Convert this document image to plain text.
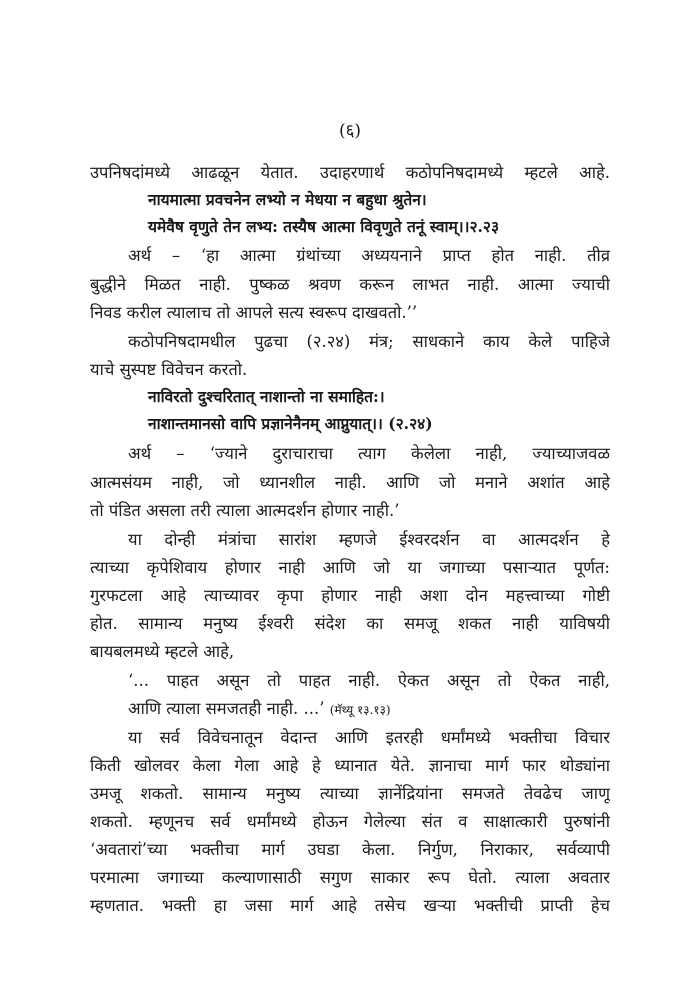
(६)
उपनिषदांमध्ये आढळून येतात. उदाहरणार्थ कठोपनिषदामध्ये म्हटले आहे.
नायमात्मा प्रवचनेन लभ्यो न मेधया न बहुधा श्रुतेन।
यमेवैष वृणुते तेन लभ्य: तस्यैष आत्मा विवृणुते तनूं स्वाम्।।२.२३
अर्थ – ‘हा आत्मा ग्रंथांच्या अध्ययनाने प्राप्त होत नाही. तीव्र
बुद्धीने मिळत नाही. पुष्कळ श्रवण करून लाभत नाही. आत्मा ज्याची
निवड करील त्यालाच तो आपले सत्य स्वरूप दाखवतो.’’
कठोपनिषदामधील पुढचा (२.२४) मंत्र; साधकाने काय केले पाहिजे
याचे सुस्पष्ट विवेचन करतो.
नाविरतो दुश्चरितात् नाशान्तो ना समाहित:।
नाशान्तमानसो वापि प्रज्ञानेनैनम् आप्नुयात्।। (२.२४)
अर्थ – ‘ज्याने दुराचाराचा त्याग केलेला नाही, ज्याच्याजवळ
आत्मसंयम नाही, जो ध्यानशील नाही. आणि जो मनाने अशांत आहे
तो पंडित असला तरी त्याला आत्मदर्शन होणार नाही.’
या दोन्ही मंत्रांचा सारांश म्हणजे ईश्वरदर्शन वा आत्मदर्शन हे
त्याच्या कृपेशिवाय होणार नाही आणि जो या जगाच्या पसाऱ्यात पूर्णत:
गुरफटला आहे त्याच्यावर कृपा होणार नाही अशा दोन महत्त्वाच्या गोष्टी
होत. सामान्य मनुष्य ईश्वरी संदेश का समजू शकत नाही याविषयी
बायबलमध्ये म्हटले आहे,
‘... पाहत असून तो पाहत नाही. ऐकत असून तो ऐकत नाही,
आणि त्याला समजतही नाही. ...’ (मॅथ्यू १३.१३)
या सर्व विवेचनातून वेदान्त आणि इतरही धर्मांमध्ये भक्तीचा विचार
किती खोलवर केला गेला आहे हे ध्यानात येते. ज्ञानाचा मार्ग फार थोड्यांना
उमजू शकतो. सामान्य मनुष्य त्याच्या ज्ञानेंद्रियांना समजते तेवढेच जाणू
शकतो. म्हणूनच सर्व धर्मांमध्ये होऊन गेलेल्या संत व साक्षात्कारी पुरुषांनी
‘अवतारां’च्या भक्तीचा मार्ग उघडा केला. निर्गुण, निराकार, सर्वव्यापी
परमात्मा जगाच्या कल्याणासाठी सगुण साकार रूप घेतो. त्याला अवतार
म्हणतात. भक्ती हा जसा मार्ग आहे तसेच खऱ्या भक्तीची प्राप्ती हेच
